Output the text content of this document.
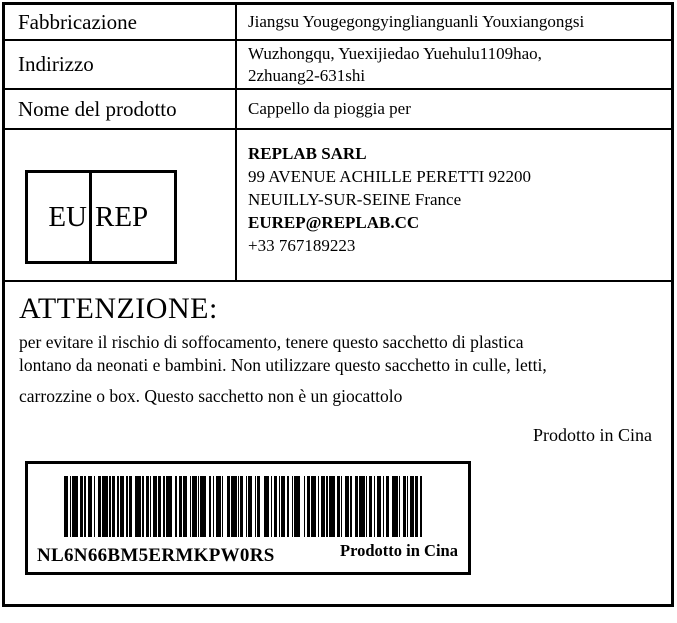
Fabbricazione	Jiangsu Yougegongyinglianguanli Youxiangongsi
Indirizzo	Wuzhongqu, Yuexijiedao Yuehulu1109hao,
2zhuang2-631shi
Nome del prodotto	Cappello da pioggia per
EU REP
REPLAB SARL
99 AVENUE ACHILLE PERETTI 92200
NEUILLY-SUR-SEINE France
EUREP@REPLAB.CC
+33 767189223
ATTENZIONE:
per evitare il rischio di soffocamento, tenere questo sacchetto di plastica
lontano da neonati e bambini. Non utilizzare questo sacchetto in culle, letti,
carrozzine o box. Questo sacchetto non è un giocattolo
Prodotto in Cina
NL6N66BM5ERMKPW0RS	Prodotto in Cina
